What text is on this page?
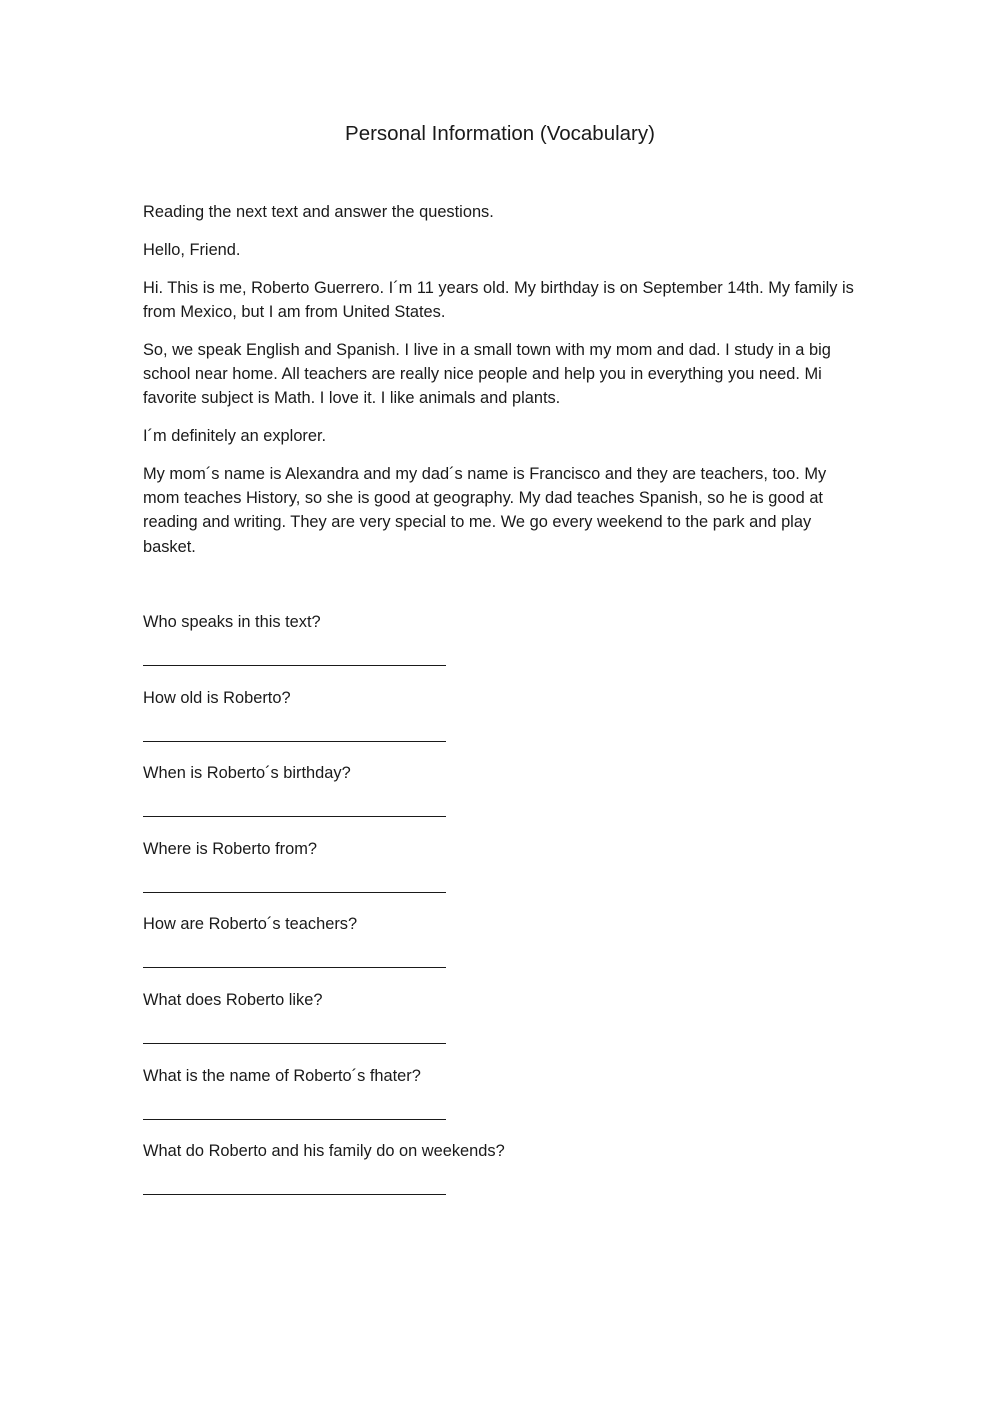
Personal Information (Vocabulary)

Reading the next text and answer the questions.

Hello, Friend.

Hi. This is me, Roberto Guerrero. I´m 11 years old. My birthday is on September 14th. My family is from Mexico, but I am from United States.

So, we speak English and Spanish. I live in a small town with my mom and dad. I study in a big school near home. All teachers are really nice people and help you in everything you need. Mi favorite subject is Math. I love it. I like animals and plants.

I´m definitely an explorer.

My mom´s name is Alexandra and my dad´s name is Francisco and they are teachers, too. My mom teaches History, so she is good at geography. My dad teaches Spanish, so he is good at reading and writing. They are very special to me. We go every weekend to the park and play basket.

Who speaks in this text?

How old is Roberto?

When is Roberto´s birthday?

Where is Roberto from?

How are Roberto´s teachers?

What does Roberto like?

What is the name of Roberto´s fhater?

What do Roberto and his family do on weekends?
